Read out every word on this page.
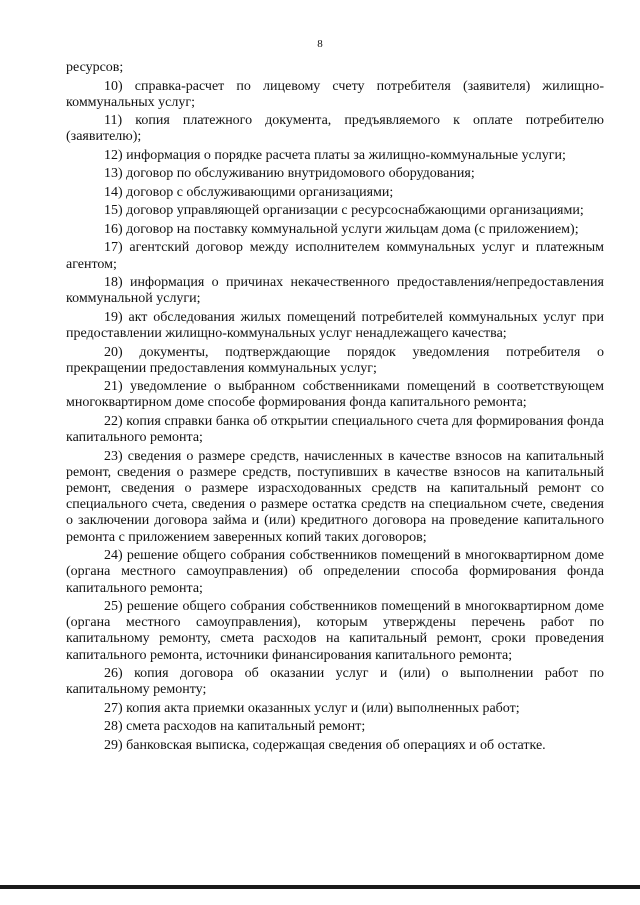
8

ресурсов;

10) справка-расчет по лицевому счету потребителя (заявителя) жилищно-коммунальных услуг;

11) копия платежного документа, предъявляемого к оплате потребителю (заявителю);

12) информация о порядке расчета платы за жилищно-коммунальные услуги;

13) договор по обслуживанию внутридомового оборудования;

14) договор с обслуживающими организациями;

15) договор управляющей организации с ресурсоснабжающими организациями;

16) договор на поставку коммунальной услуги жильцам дома (с приложением);

17) агентский договор между исполнителем коммунальных услуг и платежным агентом;

18) информация о причинах некачественного предоставления/непредоставления коммунальной услуги;

19) акт обследования жилых помещений потребителей коммунальных услуг при предоставлении жилищно-коммунальных услуг ненадлежащего качества;

20) документы, подтверждающие порядок уведомления потребителя о прекращении предоставления коммунальных услуг;

21) уведомление о выбранном собственниками помещений в соответствующем многоквартирном доме способе формирования фонда капитального ремонта;

22) копия справки банка об открытии специального счета для формирования фонда капитального ремонта;

23) сведения о размере средств, начисленных в качестве взносов на капитальный ремонт, сведения о размере средств, поступивших в качестве взносов на капитальный ремонт, сведения о размере израсходованных средств на капитальный ремонт со специального счета, сведения о размере остатка средств на специальном счете, сведения о заключении договора займа и (или) кредитного договора на проведение капитального ремонта с приложением заверенных копий таких договоров;

24) решение общего собрания собственников помещений в многоквартирном доме (органа местного самоуправления) об определении способа формирования фонда капитального ремонта;

25) решение общего собрания собственников помещений в многоквартирном доме (органа местного самоуправления), которым утверждены перечень работ по капитальному ремонту, смета расходов на капитальный ремонт, сроки проведения капитального ремонта, источники финансирования капитального ремонта;

26) копия договора об оказании услуг и (или) о выполнении работ по капитальному ремонту;

27) копия акта приемки оказанных услуг и (или) выполненных работ;

28) смета расходов на капитальный ремонт;

29) банковская выписка, содержащая сведения об операциях и об остатке.
